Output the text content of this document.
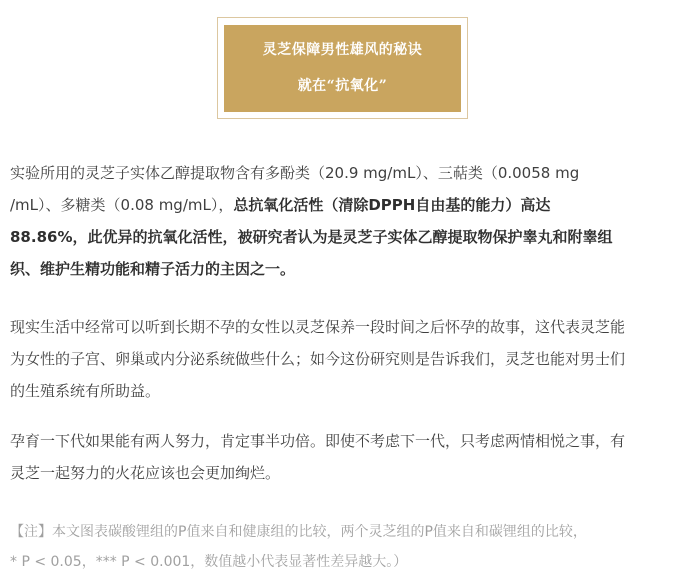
灵芝保障男性雄风的秘诀
就在“抗氧化”
实验所用的灵芝子实体乙醇提取物含有多酚类（20.9 mg/mL）、三萜类（0.0058 mg
/mL）、多糖类（0.08 mg/mL），总抗氧化活性（清除DPPH自由基的能力）高达
88.86%，此优异的抗氧化活性，被研究者认为是灵芝子实体乙醇提取物保护睾丸和附睾组
织、维护生精功能和精子活力的主因之一。
现实生活中经常可以听到长期不孕的女性以灵芝保养一段时间之后怀孕的故事，这代表灵芝能
为女性的子宫、卵巢或内分泌系统做些什么；如今这份研究则是告诉我们，灵芝也能对男士们
的生殖系统有所助益。
孕育一下代如果能有两人努力，肯定事半功倍。即使不考虑下一代，只考虑两情相悦之事，有
灵芝一起努力的火花应该也会更加绚烂。
【注】本文图表碳酸锂组的P值来自和健康组的比较，两个灵芝组的P值来自和碳锂组的比较，
* P < 0.05，*** P < 0.001，数值越小代表显著性差异越大。）
